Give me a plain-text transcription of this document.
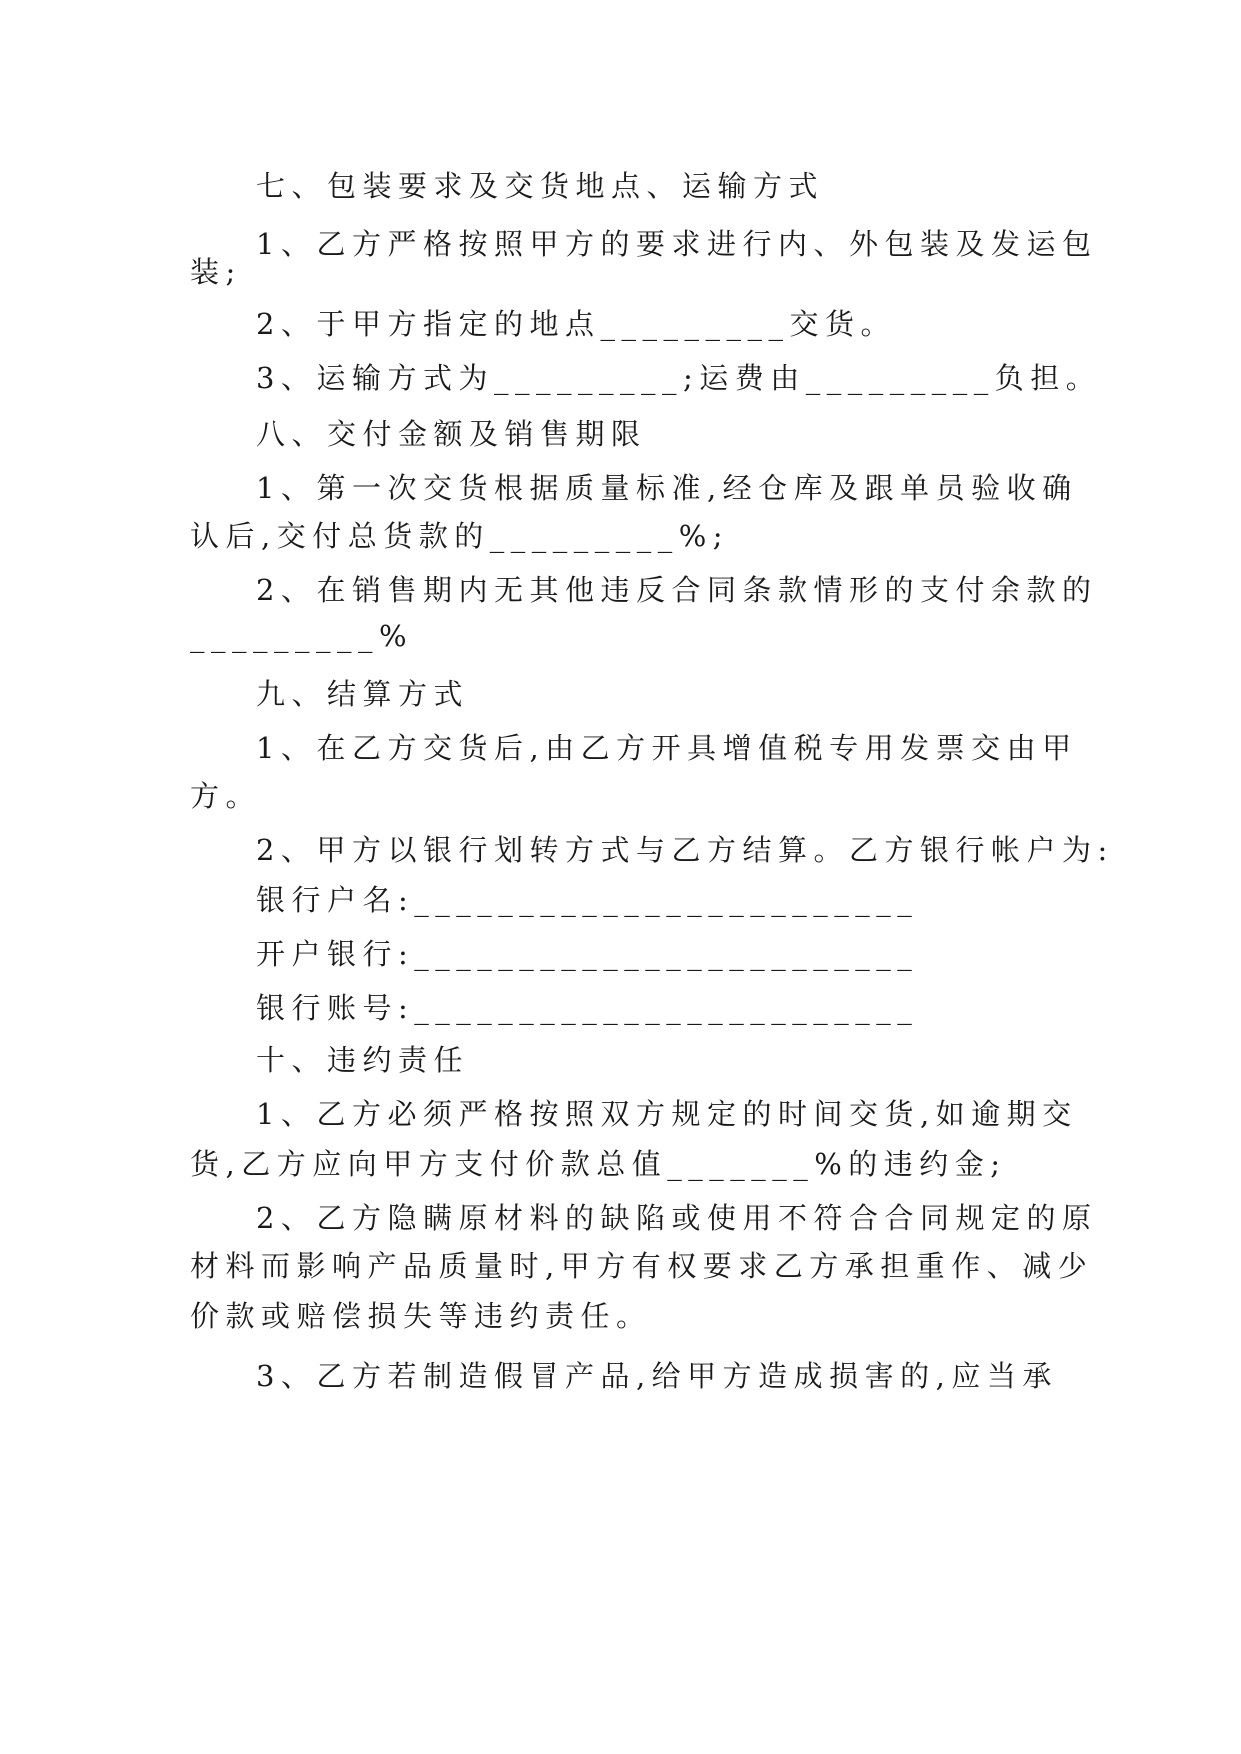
七、包装要求及交货地点、运输方式
1、乙方严格按照甲方的要求进行内、外包装及发运包
装;
2、于甲方指定的地点_________交货。
3、运输方式为_________;运费由_________负担。
八、交付金额及销售期限
1、第一次交货根据质量标准,经仓库及跟单员验收确
认后,交付总货款的_________%;
2、在销售期内无其他违反合同条款情形的支付余款的
_________%
九、结算方式
1、在乙方交货后,由乙方开具增值税专用发票交由甲
方。
2、甲方以银行划转方式与乙方结算。乙方银行帐户为:
银行户名:________________________
开户银行:________________________
银行账号:________________________
十、违约责任
1、乙方必须严格按照双方规定的时间交货,如逾期交
货,乙方应向甲方支付价款总值_______%的违约金;
2、乙方隐瞒原材料的缺陷或使用不符合合同规定的原
材料而影响产品质量时,甲方有权要求乙方承担重作、减少
价款或赔偿损失等违约责任。
3、乙方若制造假冒产品,给甲方造成损害的,应当承
